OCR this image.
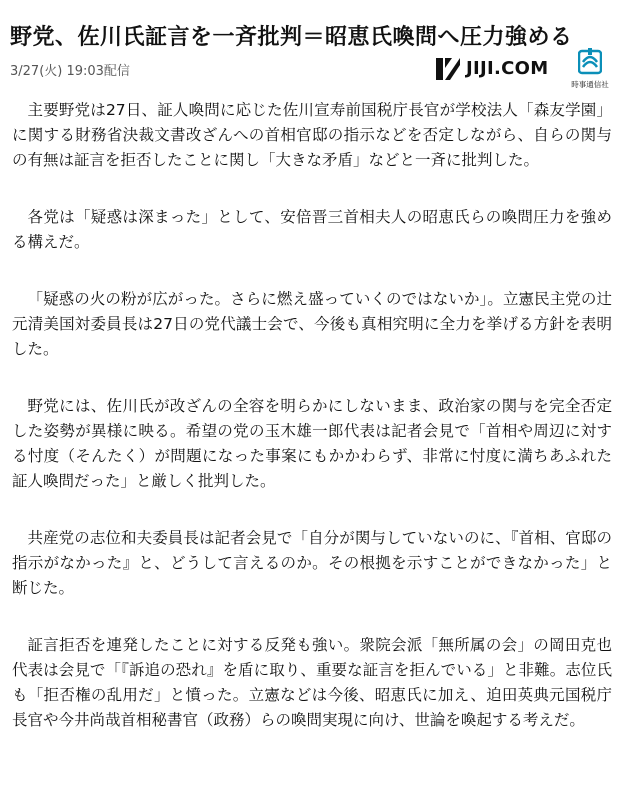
野党、佐川氏証言を一斉批判＝昭恵氏喚問へ圧力強める
3/27(火) 19:03配信	JIJI.COM
時事通信社

主要野党は27日、証人喚問に応じた佐川宣寿前国税庁長官が学校法人「森友学園」に関する財務省決裁文書改ざんへの首相官邸の指示などを否定しながら、自らの関与の有無は証言を拒否したことに関し「大きな矛盾」などと一斉に批判した。

各党は「疑惑は深まった」として、安倍晋三首相夫人の昭恵氏らの喚問圧力を強める構えだ。

「疑惑の火の粉が広がった。さらに燃え盛っていくのではないか」。立憲民主党の辻元清美国対委員長は27日の党代議士会で、今後も真相究明に全力を挙げる方針を表明した。

野党には、佐川氏が改ざんの全容を明らかにしないまま、政治家の関与を完全否定した姿勢が異様に映る。希望の党の玉木雄一郎代表は記者会見で「首相や周辺に対する忖度（そんたく）が問題になった事案にもかかわらず、非常に忖度に満ちあふれた証人喚問だった」と厳しく批判した。

共産党の志位和夫委員長は記者会見で「自分が関与していないのに、『首相、官邸の指示がなかった』と、どうして言えるのか。その根拠を示すことができなかった」と断じた。

証言拒否を連発したことに対する反発も強い。衆院会派「無所属の会」の岡田克也代表は会見で「『訴追の恐れ』を盾に取り、重要な証言を拒んでいる」と非難。志位氏も「拒否権の乱用だ」と憤った。立憲などは今後、昭恵氏に加え、迫田英典元国税庁長官や今井尚哉首相秘書官（政務）らの喚問実現に向け、世論を喚起する考えだ。
